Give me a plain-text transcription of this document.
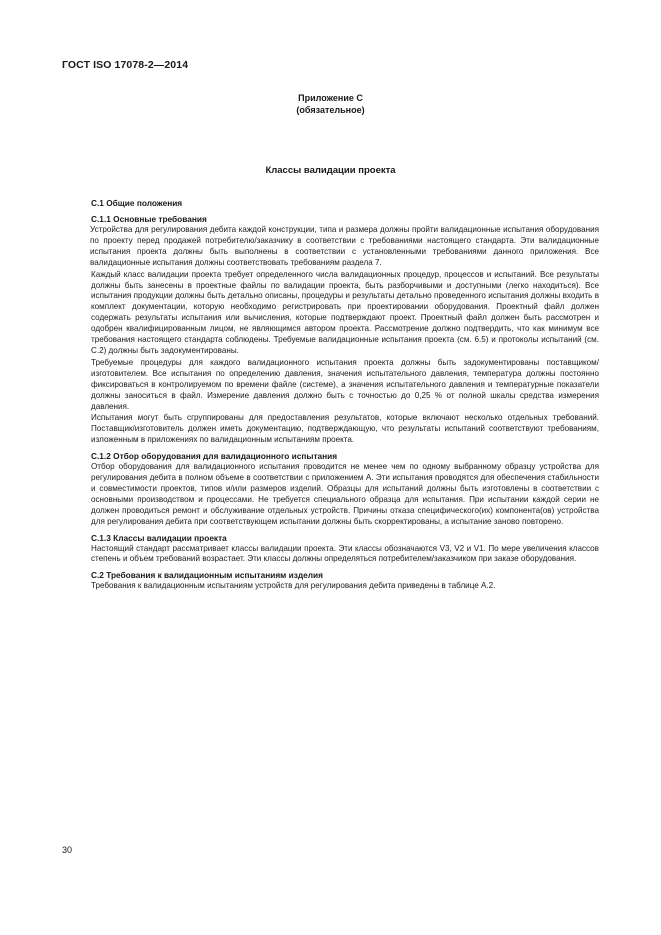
ГОСТ ISO 17078-2—2014
Приложение С
(обязательное)
Классы валидации проекта
С.1 Общие положения
С.1.1 Основные требования

Устройства для регулирования дебита каждой конструкции, типа и размера должны пройти валидационные испытания оборудования по проекту перед продажей потребителю/заказчику в соответствии с требованиями настоящего стандарта. Эти валидационные испытания проекта должны быть выполнены в соответствии с установленными требованиями данного приложения. Все валидационные испытания должны соответствовать требованиям раздела 7.

Каждый класс валидации проекта требует определенного числа валидационных процедур, процессов и испытаний. Все результаты должны быть занесены в проектные файлы по валидации проекта, быть разборчивыми и доступными (легко находиться). Все испытания продукции должны быть детально описаны, процедуры и результаты детально проведенного испытания должны входить в комплект документации, которую необходимо регистрировать при проектировании оборудования. Проектный файл должен содержать результаты испытания или вычисления, которые подтверждают проект. Проектный файл должен быть рассмотрен и одобрен квалифицированным лицом, не являющимся автором проекта. Рассмотрение должно подтвердить, что как минимум все требования настоящего стандарта соблюдены. Требуемые валидационные испытания проекта (см. 6.5) и протоколы испытаний (см. С.2) должны быть задокументированы.

Требуемые процедуры для каждого валидационного испытания проекта должны быть задокументированы поставщиком/изготовителем. Все испытания по определению давления, значения испытательного давления, температура должны постоянно фиксироваться в контролируемом по времени файле (системе), а значения испытательного давления и температурные показатели должны заноситься в файл. Измерение давления должно быть с точностью до 0,25 % от полной шкалы средства измерения давления.

Испытания могут быть сгруппированы для предоставления результатов, которые включают несколько отдельных требований. Поставщик/изготовитель должен иметь документацию, подтверждающую, что результаты испытаний соответствуют требованиям, изложенным в приложениях по валидационным испытаниям проекта.

С.1.2 Отбор оборудования для валидационного испытания

Отбор оборудования для валидационного испытания проводится не менее чем по одному выбранному образцу устройства для регулирования дебита в полном объеме в соответствии с приложением А. Эти испытания проводятся для обеспечения стабильности и совместимости проектов, типов и/или размеров изделий. Образцы для испытаний должны быть изготовлены в соответствии с основными производством и процессами. Не требуется специального образца для испытания. При испытании каждой серии не должен проводиться ремонт и обслуживание отдельных устройств. Причины отказа специфического(их) компонента(ов) устройства для регулирования дебита при соответствующем испытании должны быть скорректированы, а испытание заново повторено.

С.1.3 Классы валидации проекта

Настоящий стандарт рассматривает классы валидации проекта. Эти классы обозначаются V3, V2 и V1. По мере увеличения классов степень и объем требований возрастает. Эти классы должны определяться потребителем/заказчиком при заказе оборудования.

С.2 Требования к валидационным испытаниям изделия

Требования к валидационным испытаниям устройств для регулирования дебита приведены в таблице А.2.

30
